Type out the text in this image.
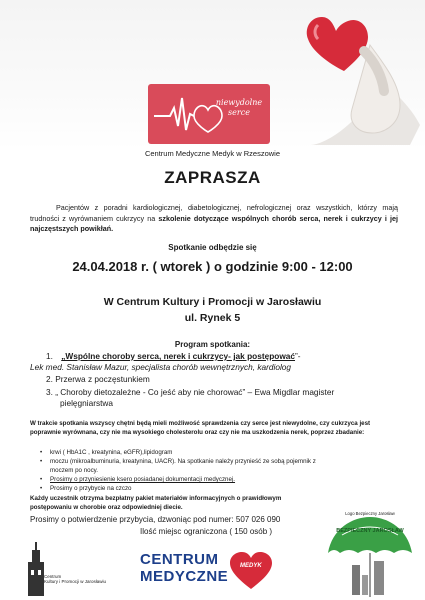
niewydolne
serce
Centrum Medyczne Medyk w Rzeszowie
ZAPRASZA
Pacjentów z poradni kardiologicznej, diabetologicznej, nefrologicznej oraz wszystkich, którzy mają trudności z wyrównaniem cukrzycy na szkolenie dotyczące wspólnych chorób serca, nerek i cukrzycy i jej najczęstszych powikłań.
Spotkanie odbędzie się
24.04.2018 r. ( wtorek ) o godzinie 9:00 - 12:00
W Centrum Kultury i Promocji w Jarosławiu
ul. Rynek 5
Program spotkania:
1. „Wspólne choroby serca, nerek i cukrzycy- jak postępować”-
Lek med. Stanisław Mazur, specjalista chorób wewnętrznych, kardiolog
2. Przerwa z poczęstunkiem
3. „ Choroby dietozależne - Co jeść aby nie chorować” – Ewa Migdlar magister
pielęgniarstwa
W trakcie spotkania wszyscy chętni będą mieli możliwość sprawdzenia czy serce jest niewydolne, czy cukrzyca jest poprawnie wyrównana, czy nie ma wysokiego cholesterolu oraz czy nie ma uszkodzenia nerek, poprzez zbadanie:
• krwi ( HbA1C , kreatynina, eGFR),lipidogram
• moczu (mikroalbuminuria, kreatynina, UACR). Na spotkanie należy przynieść ze sobą pojemnik z
moczem po nocy.
• Prosimy o przyniesienie ksero posiadanej dokumentacji medycznej.
• Prosimy o przybycie na czczo
Każdy uczestnik otrzyma bezpłatny pakiet materiałów informacyjnych o prawidłowym
postępowaniu w chorobie oraz odpowiedniej diecie.
Prosimy o potwierdzenie przybycia, dzwoniąc pod numer: 507 026 090
Ilość miejsc ograniczona ( 150 osób )
Centrum
Kultury i Promocji w Jarosławiu
CENTRUM
MEDYCZNE
MEDYK
Logo Bezpieczny Jarosław
BEZPIECZNY JAROSŁAW
